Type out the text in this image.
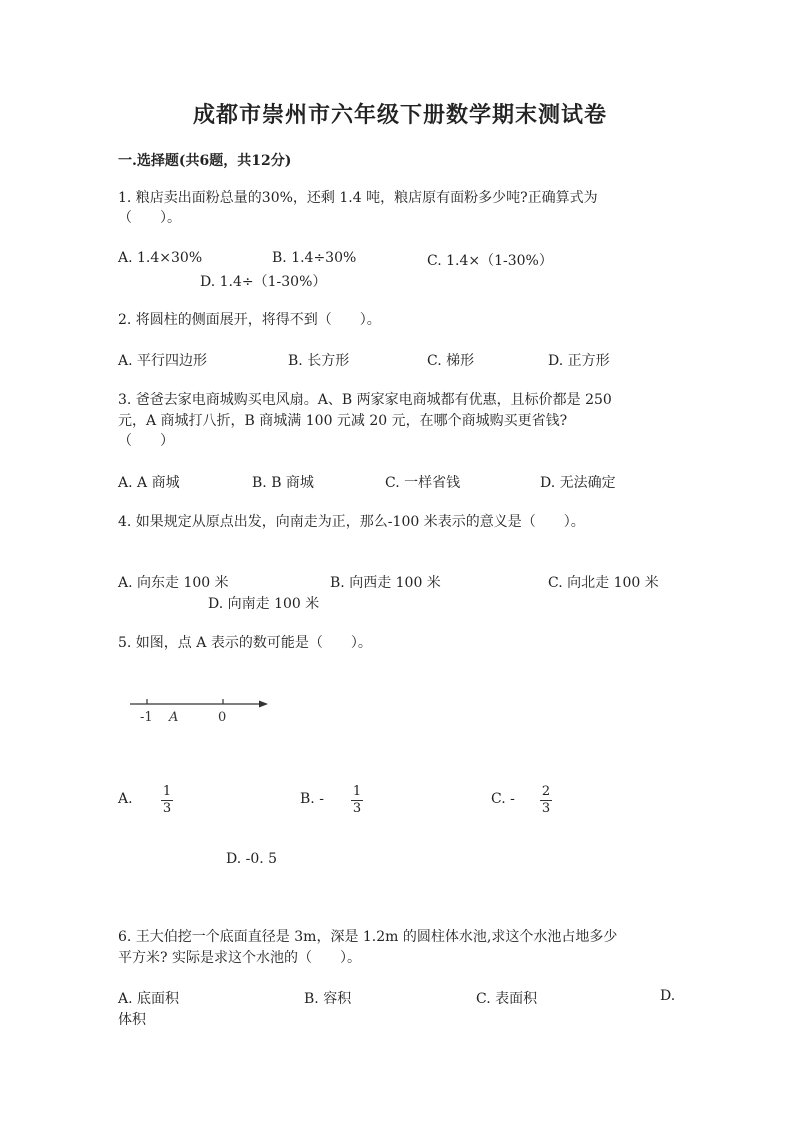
成都市崇州市六年级下册数学期末测试卷
一.选择题(共6题，共12分)
1. 粮店卖出面粉总量的30%，还剩 1.4 吨，粮店原有面粉多少吨?正确算式为
（　　）。
A. 1.4×30%	B. 1.4÷30%	C. 1.4×（1-30%）
D. 1.4÷（1-30%）
2. 将圆柱的侧面展开，将得不到（　　）。
A. 平行四边形	B. 长方形	C. 梯形	D. 正方形
3. 爸爸去家电商城购买电风扇。A、B 两家家电商城都有优惠，且标价都是 250
元，A 商城打八折，B 商城满 100 元减 20 元，在哪个商城购买更省钱?
（　　）
A. A 商城	B. B 商城	C. 一样省钱	D. 无法确定
4. 如果规定从原点出发，向南走为正，那么-100 米表示的意义是（　　）。
A. 向东走 100 米	B. 向西走 100 米	C. 向北走 100 米
D. 向南走 100 米
5. 如图，点 A 表示的数可能是（　　）。
-1 A	0
A. 1
3
B. - 1
3
C. - 2
3
D. -0. 5
6. 王大伯挖一个底面直径是 3m，深是 1.2m 的圆柱体水池,求这个水池占地多少
平方米? 实际是求这个水池的（　　）。
A. 底面积	B. 容积	C. 表面积	D.
体积
